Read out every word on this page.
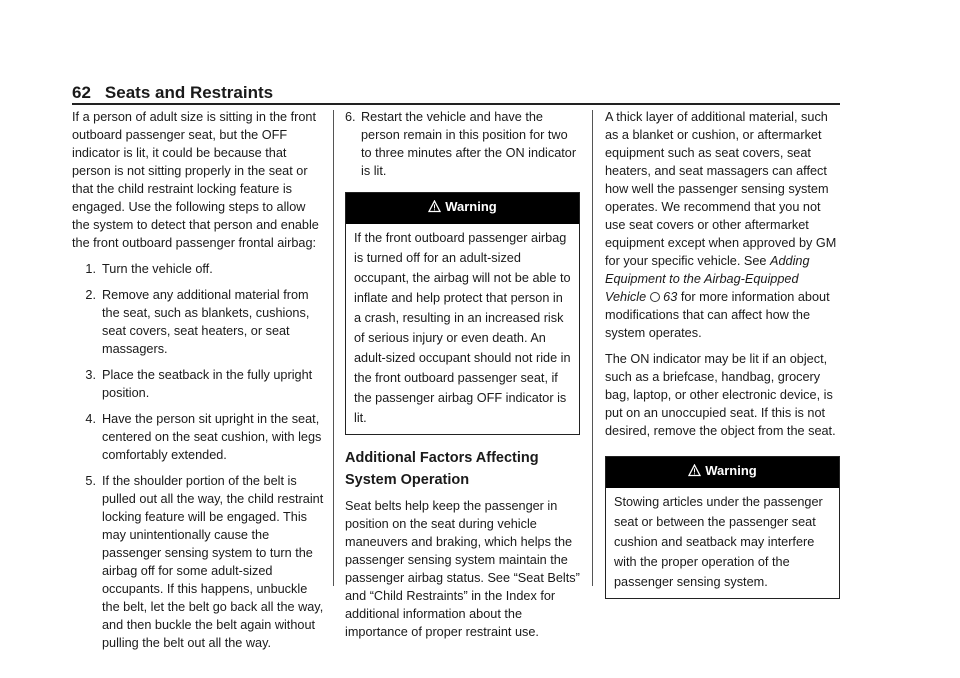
62 Seats and Restraints

If a person of adult size is sitting in the front outboard passenger seat, but the OFF indicator is lit, it could be because that person is not sitting properly in the seat or that the child restraint locking feature is engaged. Use the following steps to allow the system to detect that person and enable the front outboard passenger frontal airbag:

1. Turn the vehicle off.
2. Remove any additional material from the seat, such as blankets, cushions, seat covers, seat heaters, or seat massagers.
3. Place the seatback in the fully upright position.
4. Have the person sit upright in the seat, centered on the seat cushion, with legs comfortably extended.
5. If the shoulder portion of the belt is pulled out all the way, the child restraint locking feature will be engaged. This may unintentionally cause the passenger sensing system to turn the airbag off for some adult-sized occupants. If this happens, unbuckle the belt, let the belt go back all the way, and then buckle the belt again without pulling the belt out all the way.
6. Restart the vehicle and have the person remain in this position for two to three minutes after the ON indicator is lit.
Warning
If the front outboard passenger airbag is turned off for an adult-sized occupant, the airbag will not be able to inflate and help protect that person in a crash, resulting in an increased risk of serious injury or even death. An adult-sized occupant should not ride in the front outboard passenger seat, if the passenger airbag OFF indicator is lit.
Additional Factors Affecting System Operation

Seat belts help keep the passenger in position on the seat during vehicle maneuvers and braking, which helps the passenger sensing system maintain the passenger airbag status. See “Seat Belts” and “Child Restraints” in the Index for additional information about the importance of proper restraint use.

A thick layer of additional material, such as a blanket or cushion, or aftermarket equipment such as seat covers, seat heaters, and seat massagers can affect how well the passenger sensing system operates. We recommend that you not use seat covers or other aftermarket equipment except when approved by GM for your specific vehicle. See Adding Equipment to the Airbag-Equipped Vehicle 63 for more information about modifications that can affect how the system operates.

The ON indicator may be lit if an object, such as a briefcase, handbag, grocery bag, laptop, or other electronic device, is put on an unoccupied seat. If this is not desired, remove the object from the seat.

Warning
Stowing articles under the passenger seat or between the passenger seat cushion and seatback may interfere with the proper operation of the passenger sensing system.
